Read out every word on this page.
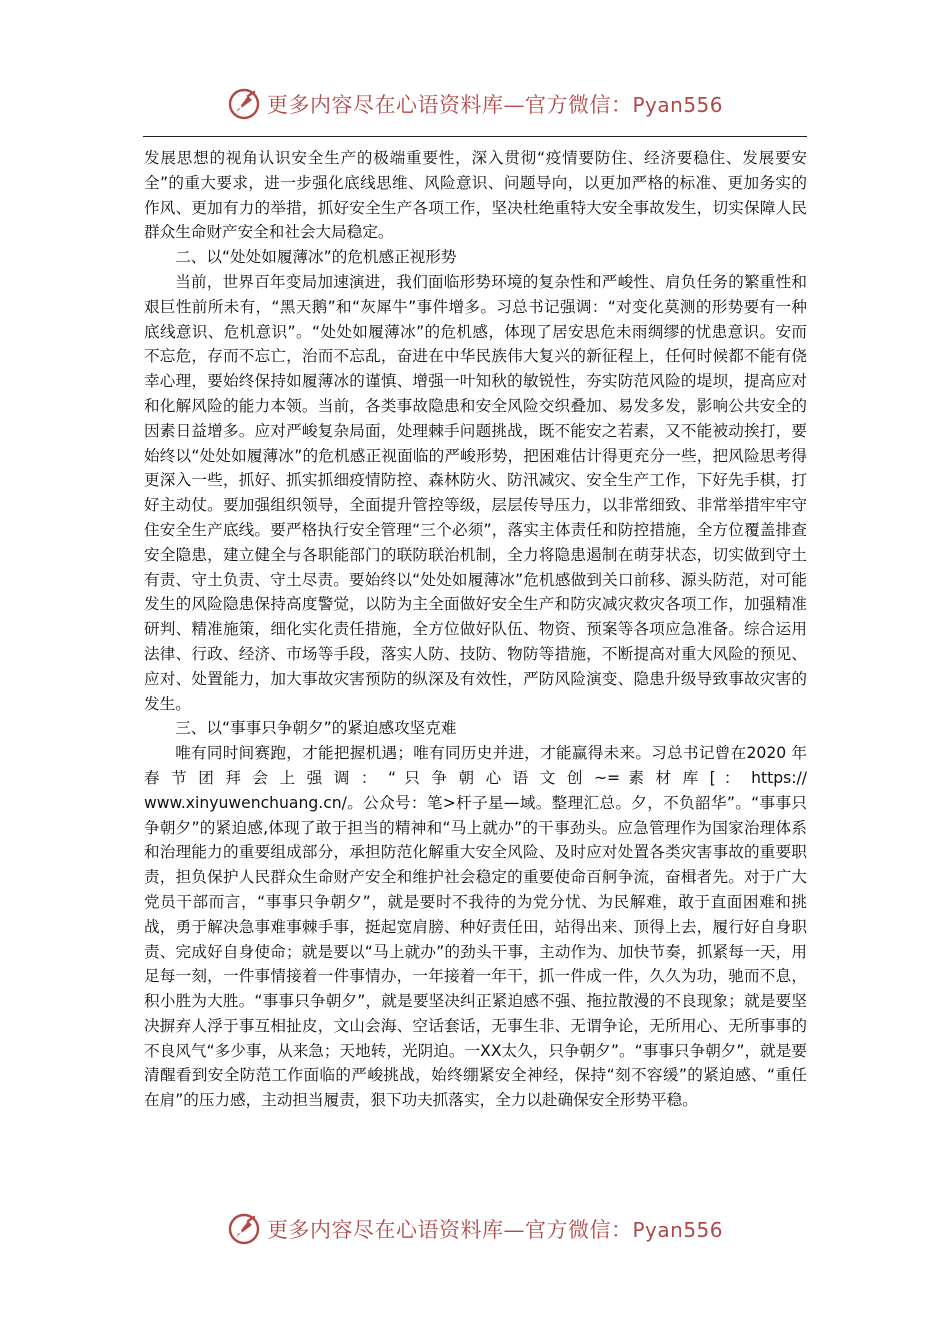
更多内容尽在心语资料库—官方微信：Pyan556

发展思想的视角认识安全生产的极端重要性，深入贯彻“疫情要防住、经济要稳住、发展要安全”的重大要求，进一步强化底线思维、风险意识、问题导向，以更加严格的标准、更加务实的作风、更加有力的举措，抓好安全生产各项工作，坚决杜绝重特大安全事故发生，切实保障人民群众生命财产安全和社会大局稳定。

二、以“处处如履薄冰”的危机感正视形势

当前，世界百年变局加速演进，我们面临形势环境的复杂性和严峻性、肩负任务的繁重性和艰巨性前所未有，“黑天鹅”和“灰犀牛”事件增多。习总书记强调：“对变化莫测的形势要有一种底线意识、危机意识”。“处处如履薄冰”的危机感，体现了居安思危未雨绸缪的忧患意识。安而不忘危，存而不忘亡，治而不忘乱，奋进在中华民族伟大复兴的新征程上，任何时候都不能有侥幸心理，要始终保持如履薄冰的谨慎、增强一叶知秋的敏锐性，夯实防范风险的堤坝，提高应对和化解风险的能力本领。当前，各类事故隐患和安全风险交织叠加、易发多发，影响公共安全的因素日益增多。应对严峻复杂局面，处理棘手问题挑战，既不能安之若素，又不能被动挨打，要始终以“处处如履薄冰”的危机感正视面临的严峻形势，把困难估计得更充分一些，把风险思考得更深入一些，抓好、抓实抓细疫情防控、森林防火、防汛减灾、安全生产工作，下好先手棋，打好主动仗。要加强组织领导，全面提升管控等级，层层传导压力，以非常细致、非常举措牢牢守住安全生产底线。要严格执行安全管理“三个必须”，落实主体责任和防控措施，全方位覆盖排查安全隐患，建立健全与各职能部门的联防联治机制，全力将隐患遏制在萌芽状态，切实做到守土有责、守土负责、守土尽责。要始终以“处处如履薄冰”危机感做到关口前移、源头防范，对可能发生的风险隐患保持高度警觉，以防为主全面做好安全生产和防灾减灾救灾各项工作，加强精准研判、精准施策，细化实化责任措施，全方位做好队伍、物资、预案等各项应急准备。综合运用法律、行政、经济、市场等手段，落实人防、技防、物防等措施，不断提高对重大风险的预见、应对、处置能力，加大事故灾害预防的纵深及有效性，严防风险演变、隐患升级导致事故灾害的发生。

三、以“事事只争朝夕”的紧迫感攻坚克难

唯有同时间赛跑，才能把握机遇；唯有同历史并进，才能赢得未来。习总书记曾在2020 年 春 节 团 拜 会 上 强 调 ： “ 只 争 朝 心 语 文 创 ~= 素 材 库 [ ： https:// www.xinyuwenchuang.cn/。公众号：笔>杆子星—域。整理汇总。夕，不负韶华”。“事事只争朝夕”的紧迫感,体现了敢于担当的精神和“马上就办”的干事劲头。应急管理作为国家治理体系和治理能力的重要组成部分，承担防范化解重大安全风险、及时应对处置各类灾害事故的重要职责，担负保护人民群众生命财产安全和维护社会稳定的重要使命百舸争流，奋楫者先。对于广大党员干部而言，“事事只争朝夕”，就是要时不我待的为党分忧、为民解难，敢于直面困难和挑战，勇于解决急事难事棘手事，挺起宽肩膀、种好责任田，站得出来、顶得上去，履行好自身职责、完成好自身使命；就是要以“马上就办”的劲头干事，主动作为、加快节奏，抓紧每一天，用足每一刻，一件事情接着一件事情办，一年接着一年干，抓一件成一件，久久为功，驰而不息，积小胜为大胜。“事事只争朝夕”，就是要坚决纠正紧迫感不强、拖拉散漫的不良现象；就是要坚决摒弃人浮于事互相扯皮，文山会海、空话套话，无事生非、无谓争论，无所用心、无所事事的不良风气“多少事，从来急；天地转，光阴迫。一XX太久，只争朝夕”。“事事只争朝夕”，就是要清醒看到安全防范工作面临的严峻挑战，始终绷紧安全神经，保持“刻不容缓”的紧迫感、“重任在肩”的压力感，主动担当履责，狠下功夫抓落实，全力以赴确保安全形势平稳。

更多内容尽在心语资料库—官方微信：Pyan556
